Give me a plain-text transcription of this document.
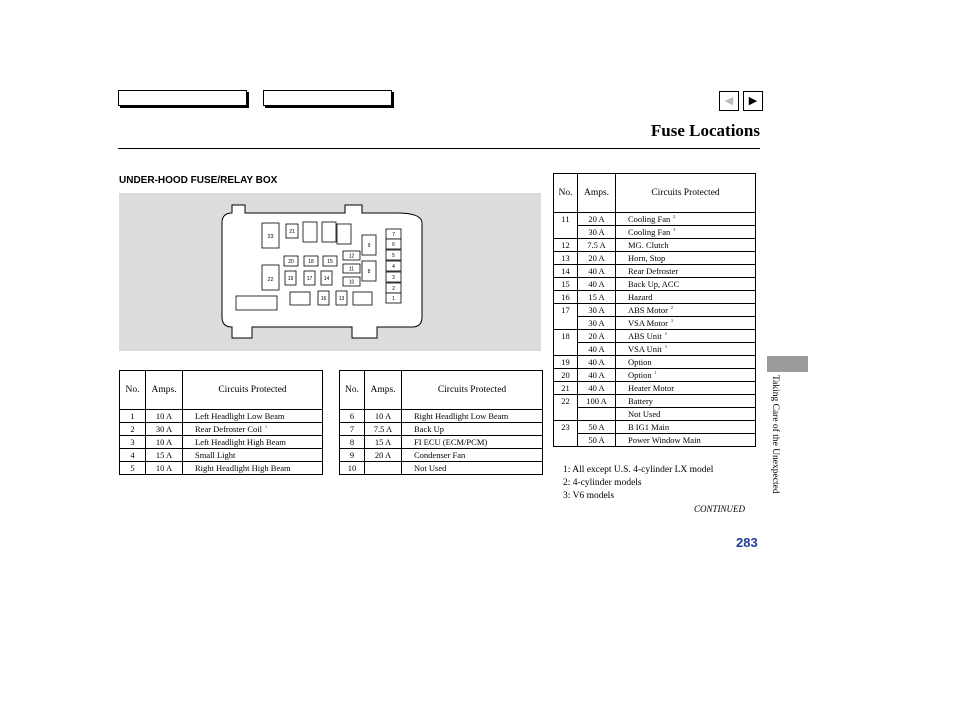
◀ ▶
Fuse Locations
UNDER-HOOD FUSE/RELAY BOX
23
21
22
20	18	15
19	17 14
16 13
12
11
10
9
8
7
6
5
4
3
2
1
No.	Amps.	Circuits Protected
1	10 A	Left Headlight Low Beam
2	30 A	Rear Defroster Coil $^1$
3	10 A	Left Headlight High Beam
4	15 A	Small Light
5	10 A	Right Headlight High Beam
No.	Amps.	Circuits Protected
6	10 A	Right Headlight Low Beam
7	7.5 A	Back Up
8	15 A	FI ECU (ECM/PCM)
9	20 A	Condenser Fan
10		Not Used
No.	Amps.	Circuits Protected
11	20 A	Cooling Fan $^2$
	30 A	Cooling Fan $^3$
12	7.5 A	MG. Clutch
13	20 A	Horn, Stop
14	40 A	Rear Defroster
15	40 A	Back Up, ACC
16	15 A	Hazard
17	30 A	ABS Motor $^2$
	30 A	VSA Motor $^3$
18	20 A	ABS Unit $^2$
	40 A	VSA Unit $^3$
19	40 A	Option
20	40 A	Option $^1$
21	40 A	Heater Motor
22	100 A	Battery
		Not Used
23	50 A	B IG1 Main
	50 A	Power Window Main
1: All except U.S. 4-cylinder LX model
2: 4-cylinder models
3: V6 models
CONTINUED
283
Taking Care of the Unexpected
